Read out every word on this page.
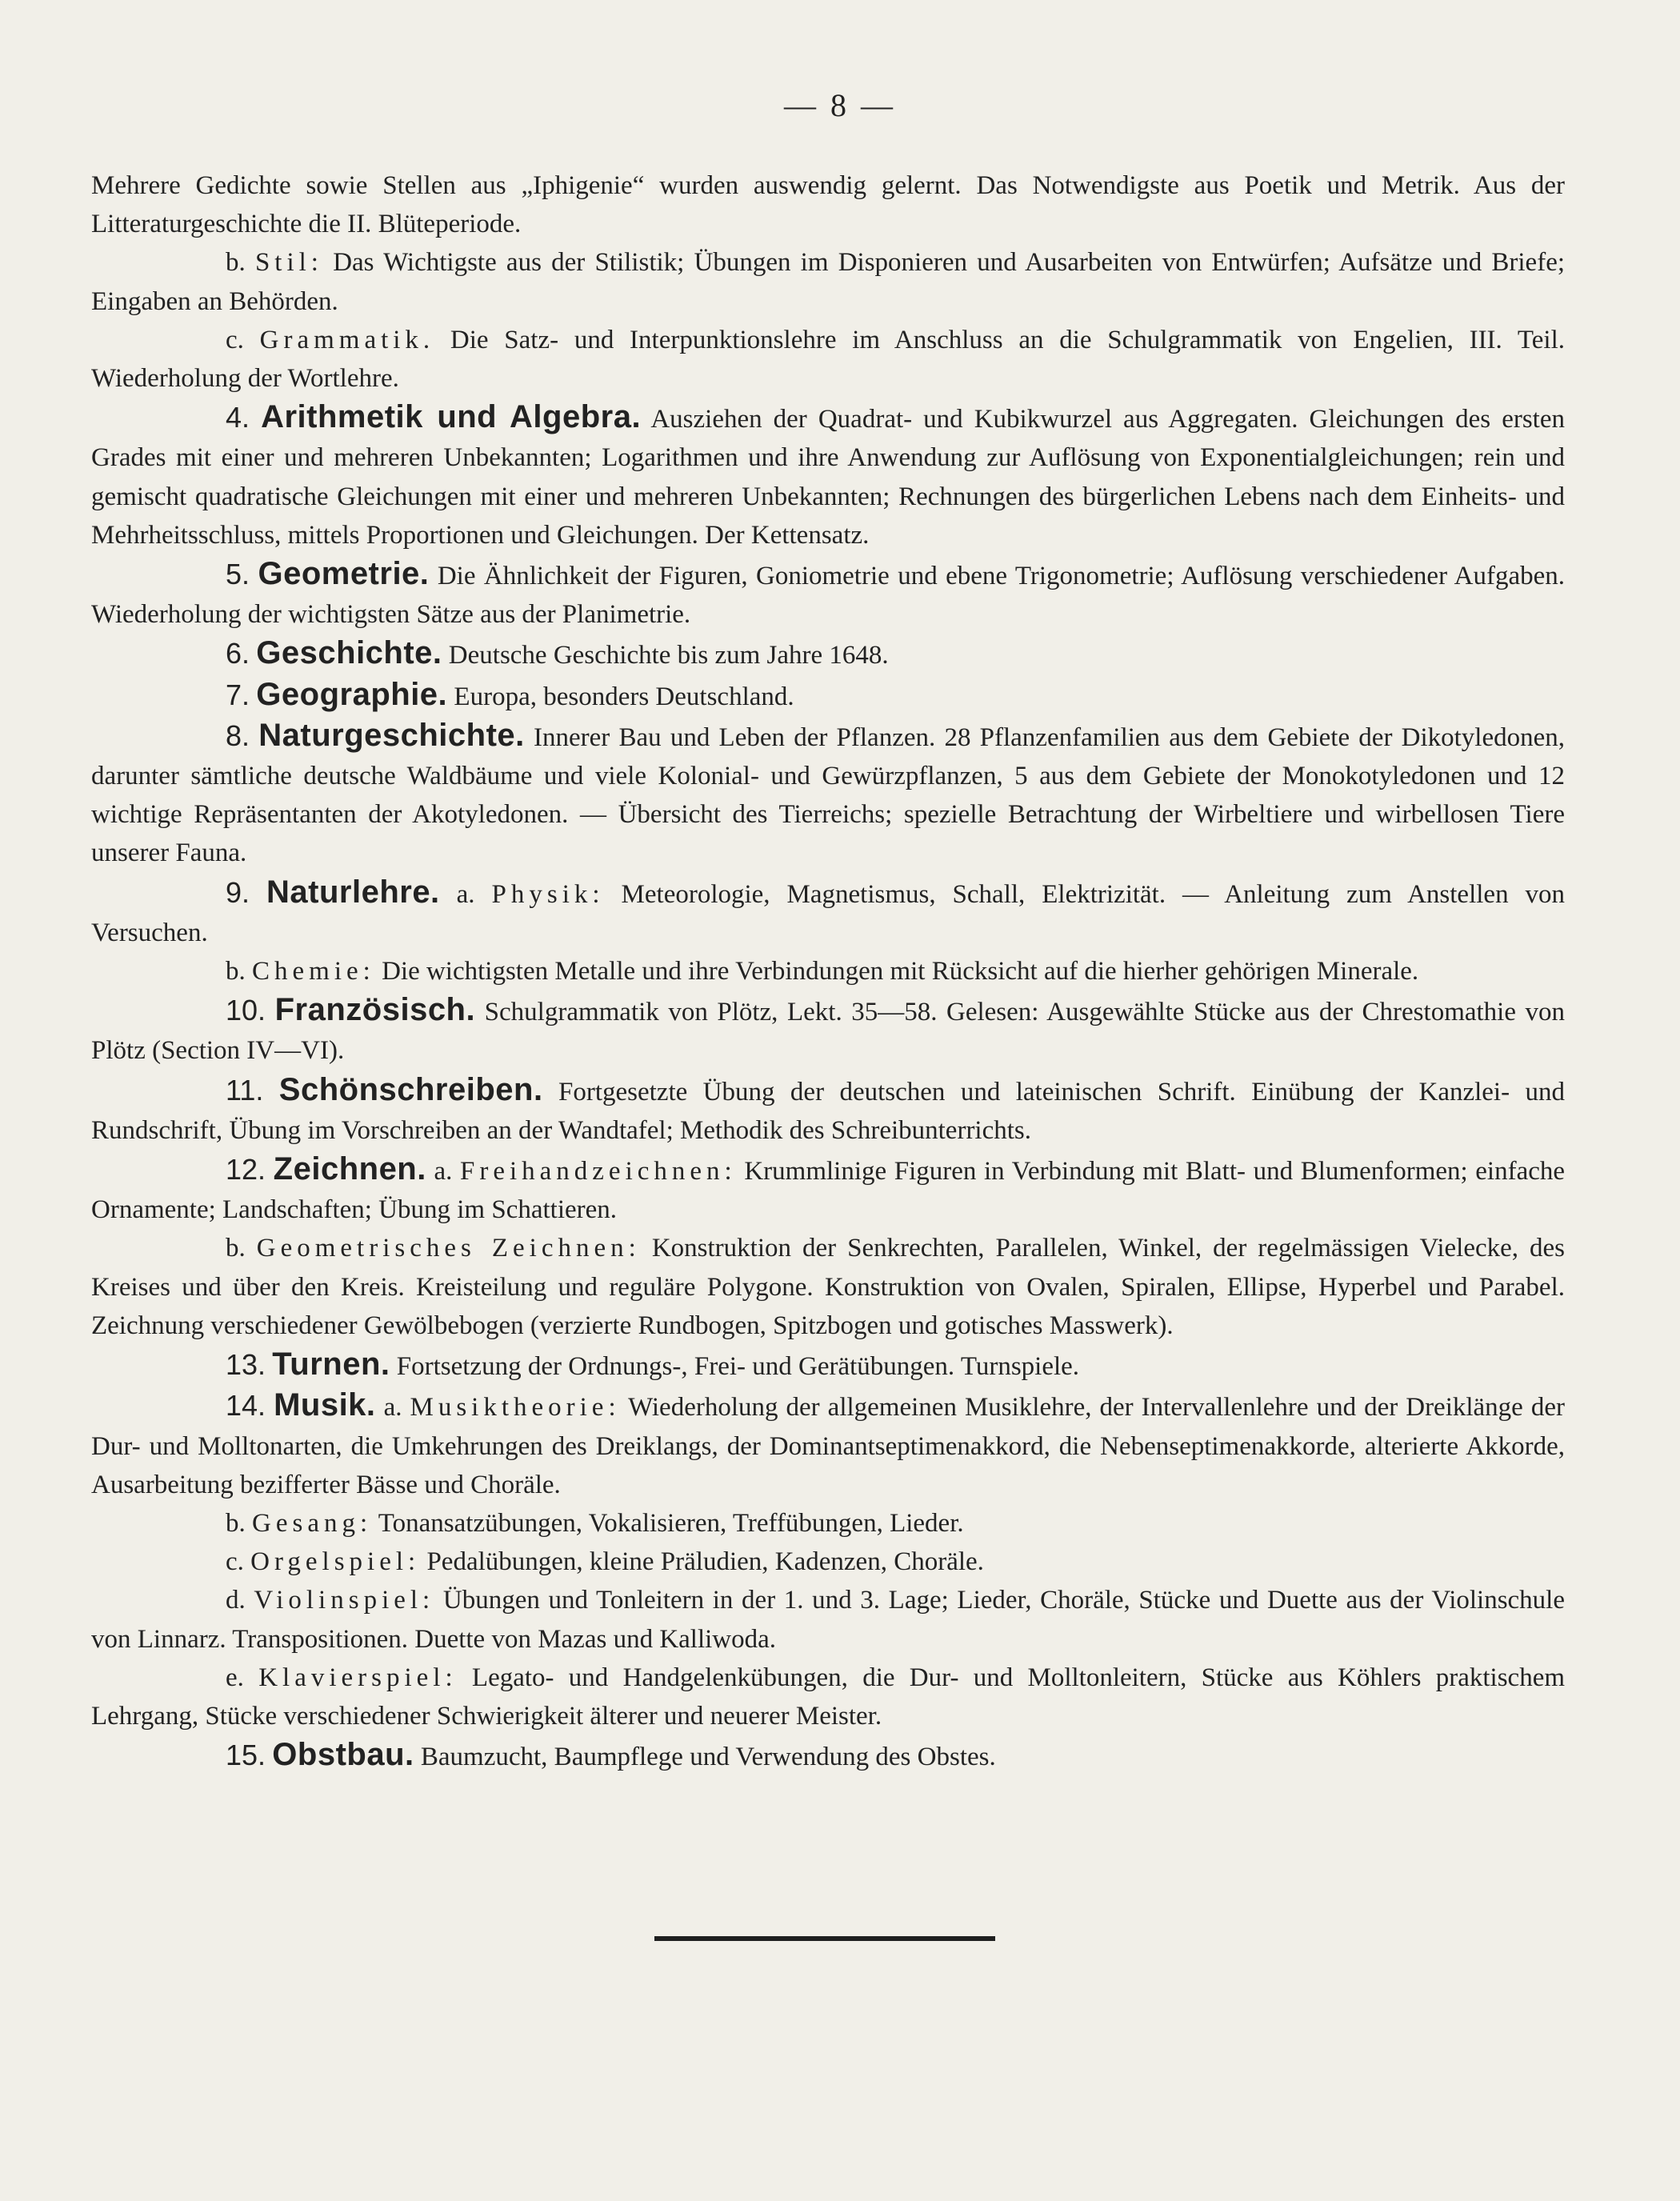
— 8 —

Mehrere Gedichte sowie Stellen aus „Iphigenie“ wurden auswendig gelernt. Das Notwendigste aus Poetik und Metrik. Aus der Litteraturgeschichte die II. Blüteperiode.

b. Stil: Das Wichtigste aus der Stilistik; Übungen im Disponieren und Ausarbeiten von Entwürfen; Aufsätze und Briefe; Eingaben an Behörden.

c. Grammatik. Die Satz- und Interpunktionslehre im Anschluss an die Schulgrammatik von Engelien, III. Teil. Wiederholung der Wortlehre.

4. Arithmetik und Algebra. Ausziehen der Quadrat- und Kubikwurzel aus Aggregaten. Gleichungen des ersten Grades mit einer und mehreren Unbekannten; Logarithmen und ihre Anwendung zur Auflösung von Exponentialgleichungen; rein und gemischt quadratische Gleichungen mit einer und mehreren Unbekannten; Rechnungen des bürgerlichen Lebens nach dem Einheits- und Mehrheitsschluss, mittels Proportionen und Gleichungen. Der Kettensatz.

5. Geometrie. Die Ähnlichkeit der Figuren, Goniometrie und ebene Trigonometrie; Auflösung verschiedener Aufgaben. Wiederholung der wichtigsten Sätze aus der Planimetrie.

6. Geschichte. Deutsche Geschichte bis zum Jahre 1648.

7. Geographie. Europa, besonders Deutschland.

8. Naturgeschichte. Innerer Bau und Leben der Pflanzen. 28 Pflanzenfamilien aus dem Gebiete der Dikotyledonen, darunter sämtliche deutsche Waldbäume und viele Kolonial- und Gewürzpflanzen, 5 aus dem Gebiete der Monokotyledonen und 12 wichtige Repräsentanten der Akotyledonen. — Übersicht des Tierreichs; spezielle Betrachtung der Wirbeltiere und wirbellosen Tiere unserer Fauna.

9. Naturlehre. a. Physik: Meteorologie, Magnetismus, Schall, Elektrizität. — Anleitung zum Anstellen von Versuchen.

b. Chemie: Die wichtigsten Metalle und ihre Verbindungen mit Rücksicht auf die hierher gehörigen Minerale.

10. Französisch. Schulgrammatik von Plötz, Lekt. 35—58. Gelesen: Ausgewählte Stücke aus der Chrestomathie von Plötz (Section IV—VI).

11. Schönschreiben. Fortgesetzte Übung der deutschen und lateinischen Schrift. Einübung der Kanzlei- und Rundschrift, Übung im Vorschreiben an der Wandtafel; Methodik des Schreibunterrichts.

12. Zeichnen. a. Freihandzeichnen: Krummlinige Figuren in Verbindung mit Blatt- und Blumenformen; einfache Ornamente; Landschaften; Übung im Schattieren.

b. Geometrisches Zeichnen: Konstruktion der Senkrechten, Parallelen, Winkel, der regelmässigen Vielecke, des Kreises und über den Kreis. Kreisteilung und reguläre Polygone. Konstruktion von Ovalen, Spiralen, Ellipse, Hyperbel und Parabel. Zeichnung verschiedener Gewölbebogen (verzierte Rundbogen, Spitzbogen und gotisches Masswerk).

13. Turnen. Fortsetzung der Ordnungs-, Frei- und Gerätübungen. Turnspiele.

14. Musik. a. Musiktheorie: Wiederholung der allgemeinen Musiklehre, der Intervallenlehre und der Dreiklänge der Dur- und Molltonarten, die Umkehrungen des Dreiklangs, der Dominantseptimenakkord, die Nebenseptimenakkorde, alterierte Akkorde, Ausarbeitung bezifferter Bässe und Choräle.

b. Gesang: Tonansatzübungen, Vokalisieren, Treffübungen, Lieder.

c. Orgelspiel: Pedalübungen, kleine Präludien, Kadenzen, Choräle.

d. Violinspiel: Übungen und Tonleitern in der 1. und 3. Lage; Lieder, Choräle, Stücke und Duette aus der Violinschule von Linnarz. Transpositionen. Duette von Mazas und Kalliwoda.

e. Klavierspiel: Legato- und Handgelenkübungen, die Dur- und Molltonleitern, Stücke aus Köhlers praktischem Lehrgang, Stücke verschiedener Schwierigkeit älterer und neuerer Meister.

15. Obstbau. Baumzucht, Baumpflege und Verwendung des Obstes.
